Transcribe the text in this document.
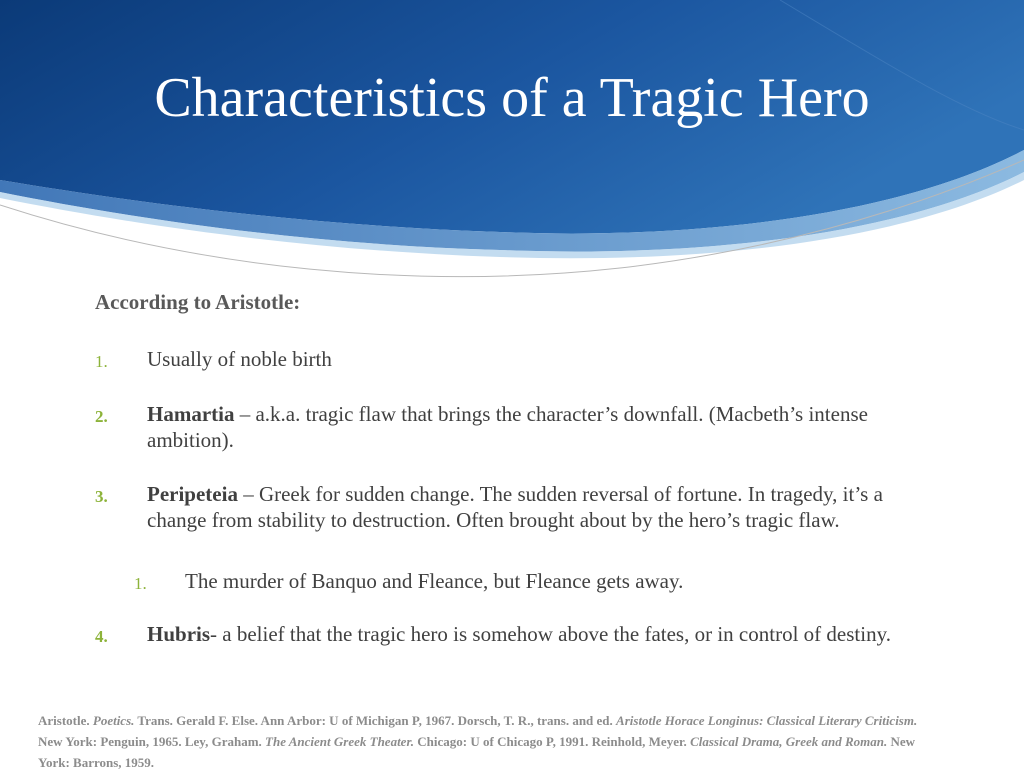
Characteristics of a Tragic Hero
According to Aristotle:
1. Usually of noble birth
2. Hamartia – a.k.a. tragic flaw that brings the character’s downfall. (Macbeth’s intense ambition).
3. Peripeteia – Greek for sudden change. The sudden reversal of fortune. In tragedy, it’s a change from stability to destruction. Often brought about by the hero’s tragic flaw.
1. The murder of Banquo and Fleance, but Fleance gets away.
4. Hubris- a belief that the tragic hero is somehow above the fates, or in control of destiny.
Aristotle. Poetics. Trans. Gerald F. Else. Ann Arbor: U of Michigan P, 1967. Dorsch, T. R., trans. and ed. Aristotle Horace Longinus: Classical Literary Criticism. New York: Penguin, 1965. Ley, Graham. The Ancient Greek Theater. Chicago: U of Chicago P, 1991. Reinhold, Meyer. Classical Drama, Greek and Roman. New York: Barrons, 1959.
